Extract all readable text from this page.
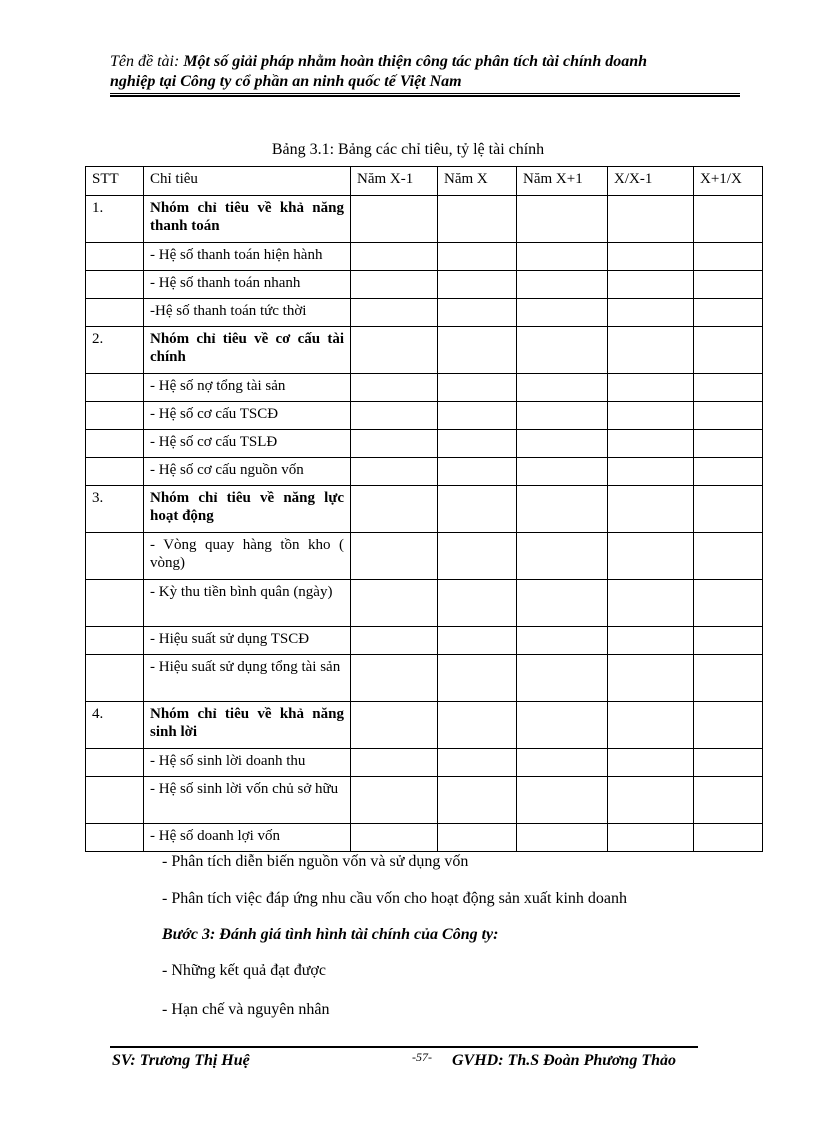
Tên đề tài: Một số giải pháp nhằm hoàn thiện công tác phân tích tài chính doanh
nghiệp tại Công ty cổ phần an ninh quốc tế Việt Nam
Bảng 3.1: Bảng các chỉ tiêu, tỷ lệ tài chính
STT	Chỉ tiêu	Năm X-1	Năm X	Năm X+1	X/X-1	X+1/X
1.	Nhóm chỉ tiêu về khả năng thanh toán					
	- Hệ số thanh toán hiện hành					
	- Hệ số thanh toán nhanh					
	-Hệ số thanh toán tức thời					
2.	Nhóm chỉ tiêu về cơ cấu tài chính					
	- Hệ số nợ tổng tài sản					
	- Hệ số cơ cấu TSCĐ					
	- Hệ số cơ cấu TSLĐ					
	- Hệ số cơ cấu nguồn vốn					
3.	Nhóm chỉ tiêu về năng lực hoạt động					
	- Vòng quay hàng tồn kho ( vòng)					
	- Kỳ thu tiền bình quân (ngày)					
	- Hiệu suất sử dụng TSCĐ					
	- Hiệu suất sử dụng tổng tài sản					
4.	Nhóm chỉ tiêu về khả năng sinh lời					
	- Hệ số sinh lời doanh thu					
	- Hệ số sinh lời vốn chủ sở hữu					
	- Hệ số doanh lợi vốn					
- Phân tích diễn biến nguồn vốn và sử dụng vốn
- Phân tích việc đáp ứng nhu cầu vốn cho hoạt động sản xuất kinh doanh
Bước 3: Đánh giá tình hình tài chính của Công ty:
- Những kết quả đạt được
- Hạn chế và nguyên nhân
SV: Trương Thị Huệ	-57- GVHD: Th.S Đoàn Phương Thảo
